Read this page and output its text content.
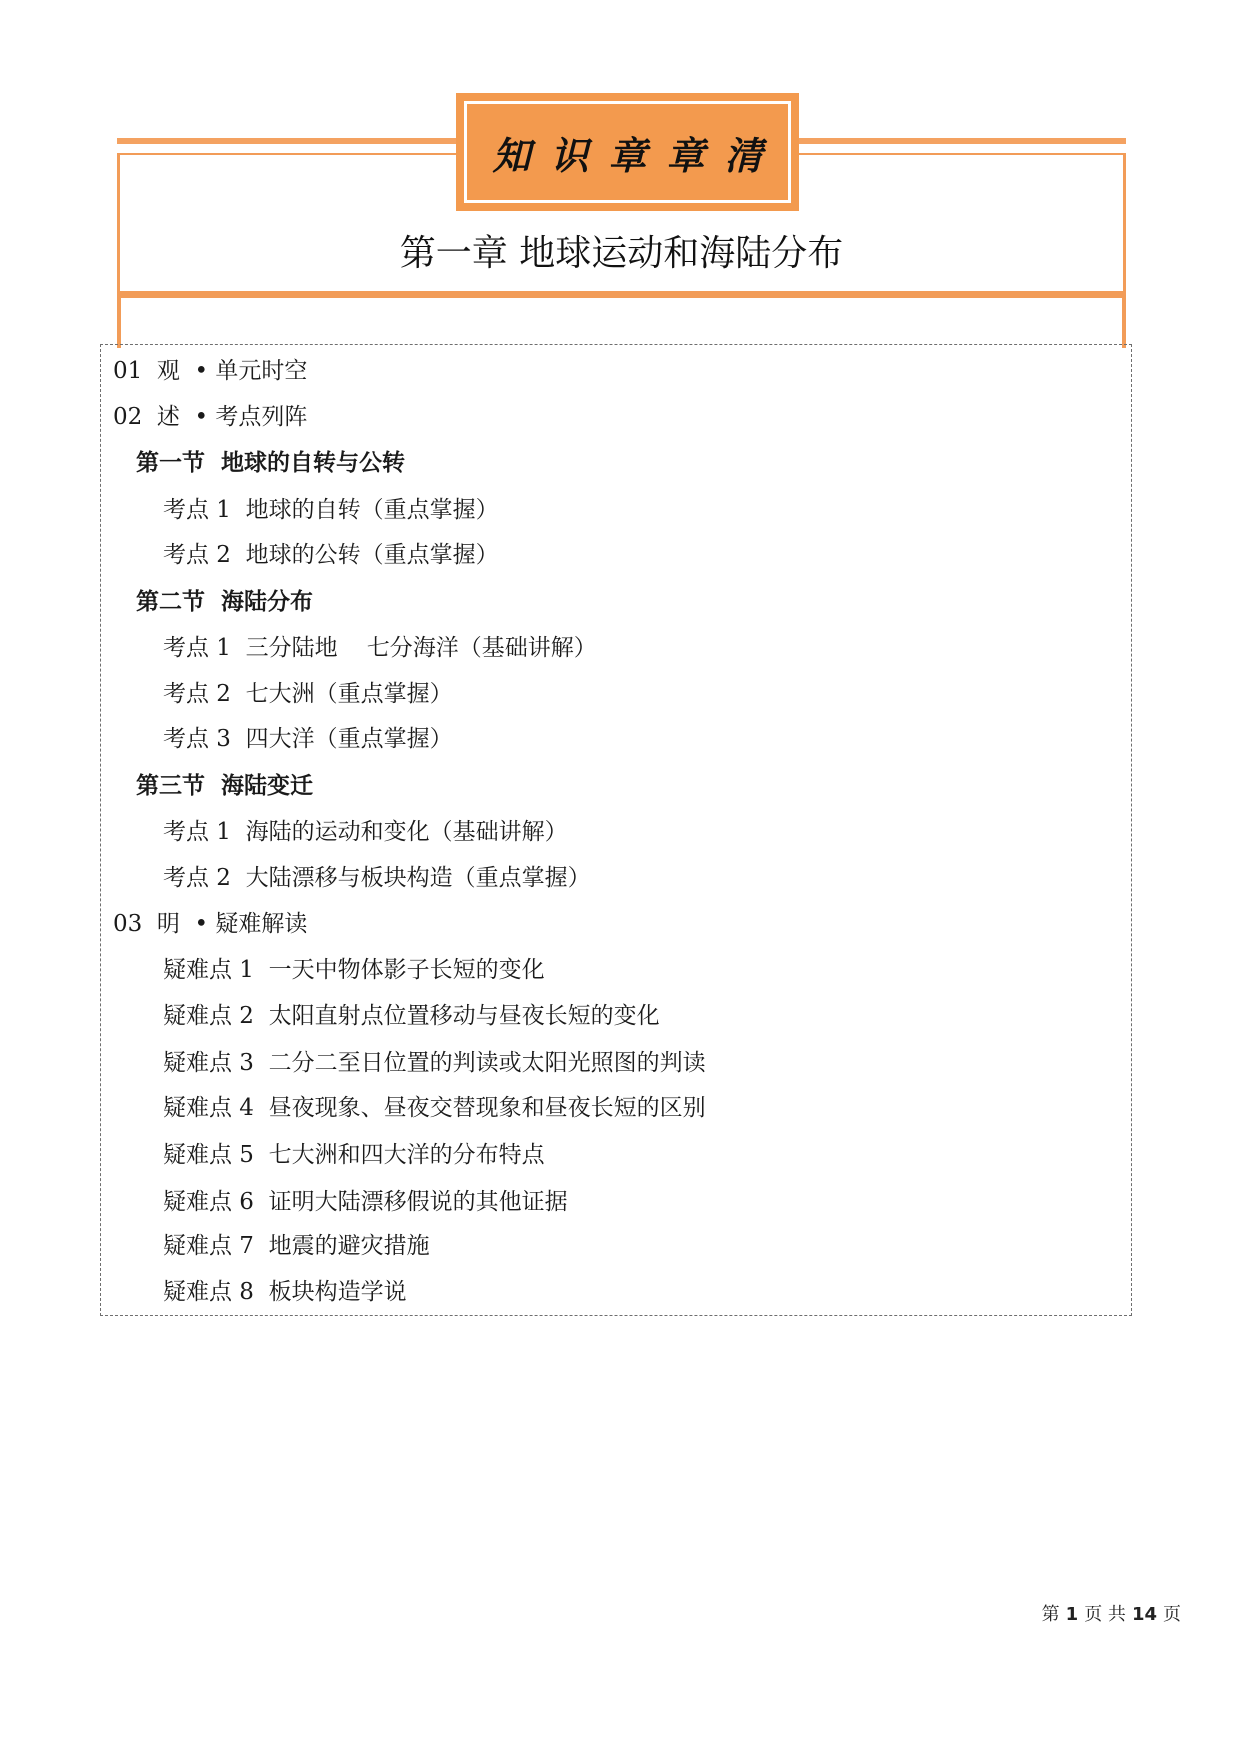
知识章章清
第一章 地球运动和海陆分布
01  观  • 单元时空
02  述  • 考点列阵
第一节  地球的自转与公转
考点 1  地球的自转（重点掌握）
考点 2  地球的公转（重点掌握）
第二节  海陆分布
考点 1  三分陆地    七分海洋（基础讲解）
考点 2  七大洲（重点掌握）
考点 3  四大洋（重点掌握）
第三节  海陆变迁
考点 1  海陆的运动和变化（基础讲解）
考点 2  大陆漂移与板块构造（重点掌握）
03  明  • 疑难解读
疑难点 1  一天中物体影子长短的变化
疑难点 2  太阳直射点位置移动与昼夜长短的变化
疑难点 3  二分二至日位置的判读或太阳光照图的判读
疑难点 4  昼夜现象、昼夜交替现象和昼夜长短的区别
疑难点 5  七大洲和四大洋的分布特点
疑难点 6  证明大陆漂移假说的其他证据
疑难点 7  地震的避灾措施
疑难点 8  板块构造学说
第 1 页 共 14 页
